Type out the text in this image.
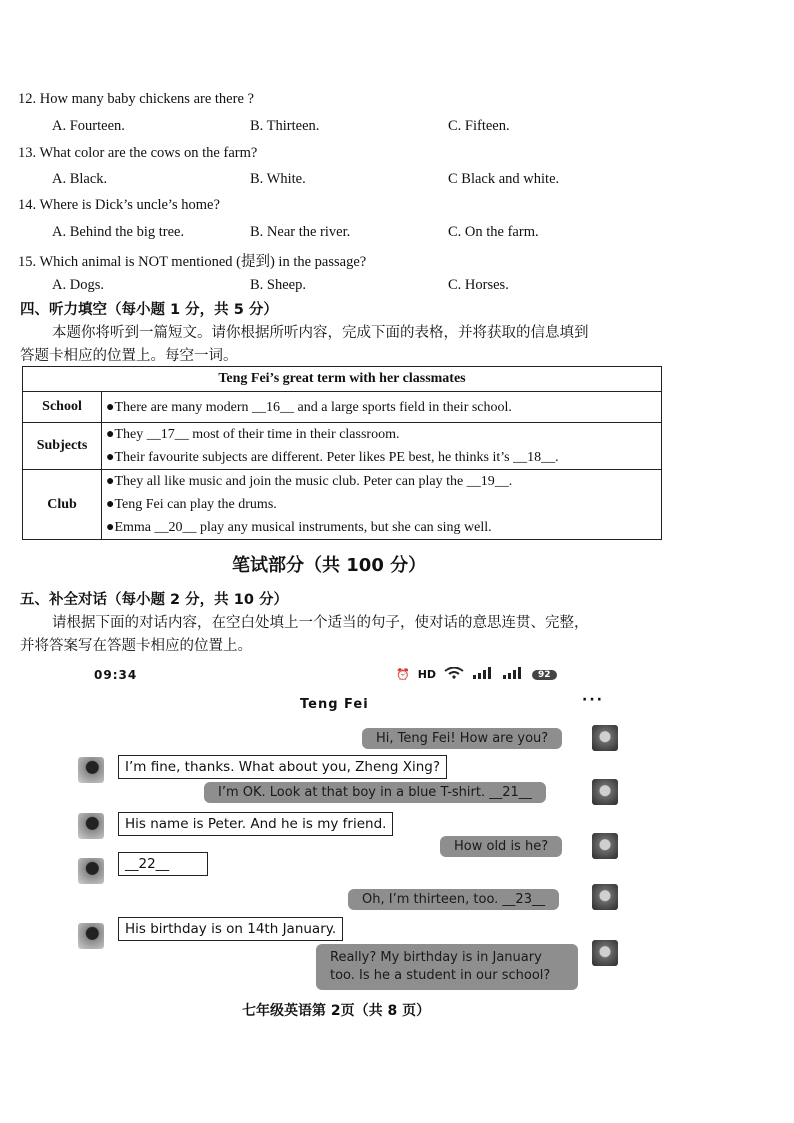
12. How many baby chickens are there ?
A. Fourteen.	B. Thirteen.	C. Fifteen.
13. What color are the cows on the farm?
A. Black.	B. White.	C Black and white.
14. Where is Dick’s uncle’s home?
A. Behind the big tree.	B. Near the river.	C. On the farm.
15. Which animal is NOT mentioned (提到) in the passage?
A. Dogs.	B. Sheep.	C. Horses.
四、听力填空（每小题 1 分，共 5 分）
本题你将听到一篇短文。请你根据所听内容，完成下面的表格，并将获取的信息填到
答题卡相应的位置上。每空一词。
Teng Fei’s great term with her classmates	
School	●There are many modern __16__ and a large sports field in their school.

Subjects	●They __17__ most of their time in their classroom.
●Their favourite subjects are different. Peter likes PE best, he thinks it’s __18__.

Club	●They all like music and join the music club. Peter can play the __19__.
●Teng Fei can play the drums.
●Emma __20__ play any musical instruments, but she can sing well.
笔试部分（共 100 分）
五、补全对话（每小题 2 分，共 10 分）
请根据下面的对话内容，在空白处填上一个适当的句子，使对话的意思连贯、完整，
并将答案写在答题卡相应的位置上。
09:34	⏰ HD	92
Teng Fei	···
Hi, Teng Fei! How are you?
I’m fine, thanks. What about you, Zheng Xing?
I’m OK. Look at that boy in a blue T-shirt. __21__
His name is Peter. And he is my friend.
How old is he?
__22__
Oh, I’m thirteen, too. __23__
His birthday is on 14th January.
Really? My birthday is in January too. Is he a student in our school?
七年级英语第 2页（共 8 页）
